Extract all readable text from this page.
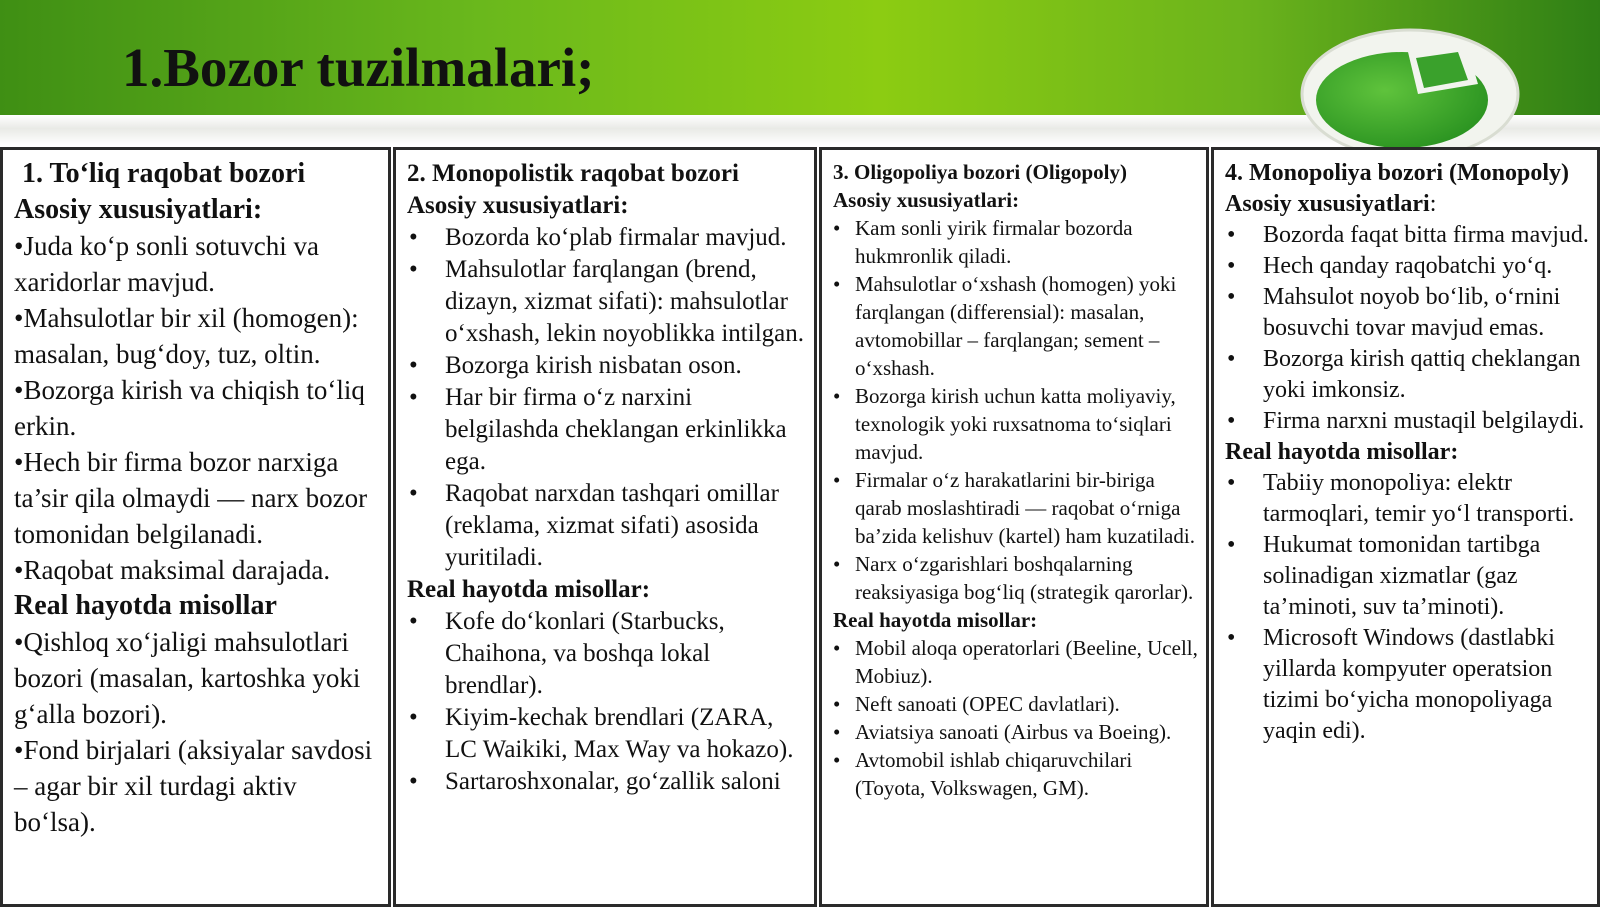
1.Bozor tuzilmalari;

1. To‘liq raqobat bozori

Asosiy xususiyatlari:

•Juda ko‘p sonli sotuvchi va xaridorlar mavjud.

•Mahsulotlar bir xil (homogen): masalan, bug‘doy, tuz, oltin.

•Bozorga kirish va chiqish to‘liq erkin.

•Hech bir firma bozor narxiga ta’sir qila olmaydi — narx bozor tomonidan belgilanadi.

•Raqobat maksimal darajada.

Real hayotda misollar

•Qishloq xo‘jaligi mahsulotlari bozori (masalan, kartoshka yoki g‘alla bozori).

•Fond birjalari (aksiyalar savdosi – agar bir xil turdagi aktiv bo‘lsa).

2. Monopolistik raqobat bozori

Asosiy xususiyatlari:

• Bozorda ko‘plab firmalar mavjud.
• Mahsulotlar farqlangan (brend, dizayn, xizmat sifati): mahsulotlar o‘xshash, lekin noyoblikka intilgan.
• Bozorga kirish nisbatan oson.
• Har bir firma o‘z narxini belgilashda cheklangan erkinlikka ega.
• Raqobat narxdan tashqari omillar (reklama, xizmat sifati) asosida yuritiladi.

Real hayotda misollar:

• Kofe do‘konlari (Starbucks, Chaihona, va boshqa lokal brendlar).
• Kiyim-kechak brendlari (ZARA, LC Waikiki, Max Way va hokazo).
• Sartaroshxonalar, go‘zallik saloni

3. Oligopoliya bozori (Oligopoly)

Asosiy xususiyatlari:

• Kam sonli yirik firmalar bozorda hukmronlik qiladi.
• Mahsulotlar o‘xshash (homogen) yoki farqlangan (differensial): masalan, avtomobillar – farqlangan; sement – o‘xshash.
• Bozorga kirish uchun katta moliyaviy, texnologik yoki ruxsatnoma to‘siqlari mavjud.
• Firmalar o‘z harakatlarini bir-biriga qarab moslashtiradi — raqobat o‘rniga ba’zida kelishuv (kartel) ham kuzatiladi.
• Narx o‘zgarishlari boshqalarning reaksiyasiga bog‘liq (strategik qarorlar).

Real hayotda misollar:

• Mobil aloqa operatorlari (Beeline, Ucell, Mobiuz).
• Neft sanoati (OPEC davlatlari).
• Aviatsiya sanoati (Airbus va Boeing).
• Avtomobil ishlab chiqaruvchilari (Toyota, Volkswagen, GM).

4. Monopoliya bozori (Monopoly)

Asosiy xususiyatlari:

• Bozorda faqat bitta firma mavjud.
• Hech qanday raqobatchi yo‘q.
• Mahsulot noyob bo‘lib, o‘rnini bosuvchi tovar mavjud emas.
• Bozorga kirish qattiq cheklangan yoki imkonsiz.
• Firma narxni mustaqil belgilaydi.

Real hayotda misollar:

• Tabiiy monopoliya: elektr tarmoqlari, temir yo‘l transporti.
• Hukumat tomonidan tartibga solinadigan xizmatlar (gaz ta’minoti, suv ta’minoti).
• Microsoft Windows (dastlabki yillarda kompyuter operatsion tizimi bo‘yicha monopoliyaga yaqin edi).
